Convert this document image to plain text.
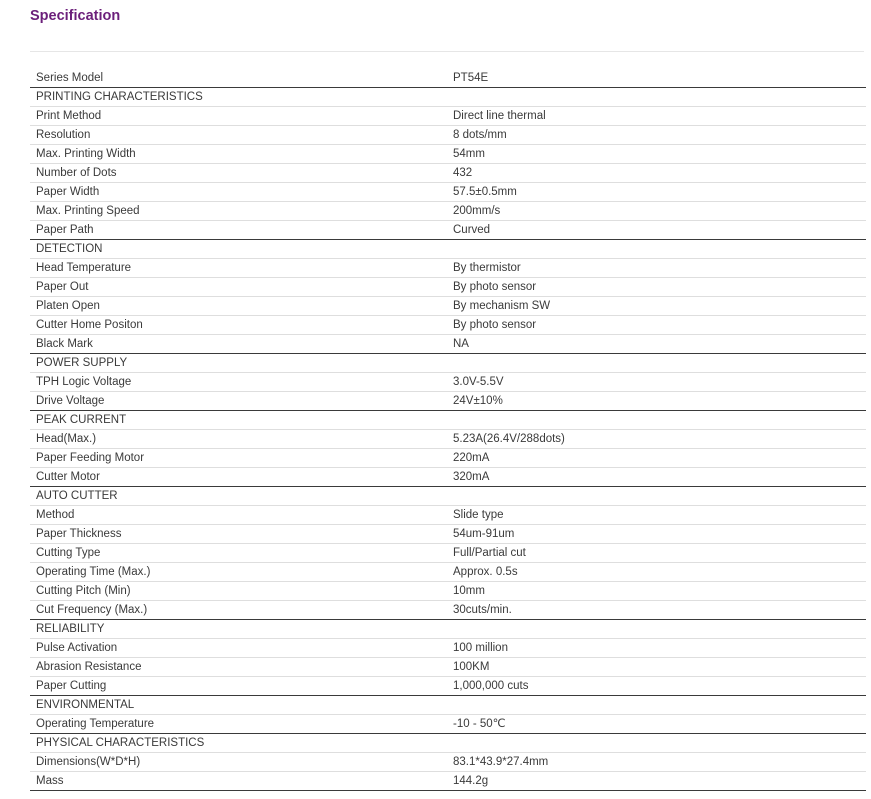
Specification
Series Model	PT54E
PRINTING CHARACTERISTICS	
Print Method	Direct line thermal
Resolution	8 dots/mm
Max. Printing Width	54mm
Number of Dots	432
Paper Width	57.5±0.5mm
Max. Printing Speed	200mm/s
Paper Path	Curved
DETECTION	
Head Temperature	By thermistor
Paper Out	By photo sensor
Platen Open	By mechanism SW
Cutter Home Positon	By photo sensor
Black Mark	NA
POWER SUPPLY	
TPH Logic Voltage	3.0V-5.5V
Drive Voltage	24V±10%
PEAK CURRENT	
Head(Max.)	5.23A(26.4V/288dots)
Paper Feeding Motor	220mA
Cutter Motor	320mA
AUTO CUTTER	
Method	Slide type
Paper Thickness	54um-91um
Cutting Type	Full/Partial cut
Operating Time (Max.)	Approx. 0.5s
Cutting Pitch (Min)	10mm
Cut Frequency (Max.)	30cuts/min.
RELIABILITY	
Pulse Activation	100 million
Abrasion Resistance	100KM
Paper Cutting	1,000,000 cuts
ENVIRONMENTAL	
Operating Temperature	-10 - 50℃
PHYSICAL CHARACTERISTICS	
Dimensions(W*D*H)	83.1*43.9*27.4mm
Mass	144.2g
